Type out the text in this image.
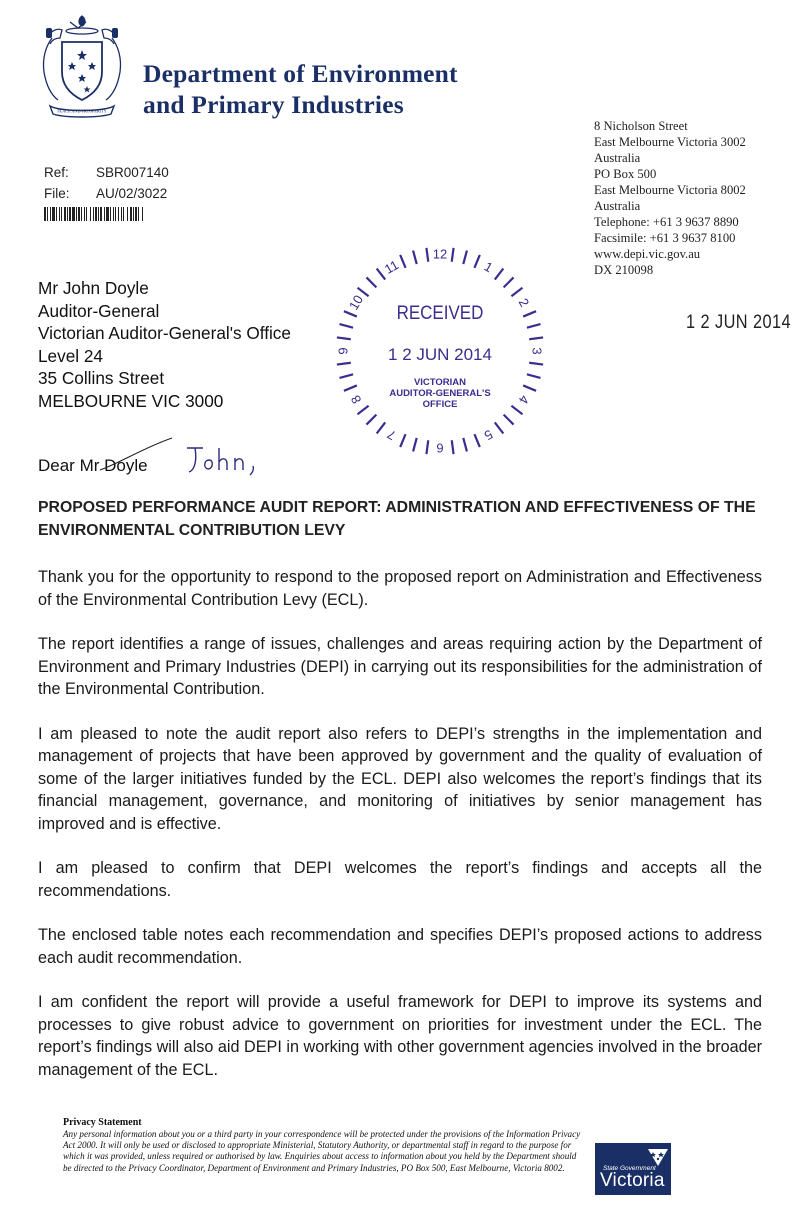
PEACE AND PROSPERITY
Department of Environment
and Primary Industries
8 Nicholson Street
East Melbourne Victoria 3002
Australia
PO Box 500
East Melbourne Victoria 8002
Australia
Telephone: +61 3 9637 8890
Facsimile: +61 3 9637 8100
www.depi.vic.gov.au
DX 210098
Ref: SBR007140
File: AU/02/3022
Mr John Doyle
Auditor-General
Victorian Auditor-General's Office
Level 24
35 Collins Street
MELBOURNE VIC 3000
1
2
3
4
5
6
7
8
9
10
11
12
RECEIVED
1 2 JUN 2014
VICTORIAN
AUDITOR-GENERAL'S
OFFICE
1 2 JUN 2014
Dear Mr Doyle
PROPOSED PERFORMANCE AUDIT REPORT: ADMINISTRATION AND EFFECTIVENESS OF THE ENVIRONMENTAL CONTRIBUTION LEVY

Thank you for the opportunity to respond to the proposed report on Administration and Effectiveness of the Environmental Contribution Levy (ECL).

The report identifies a range of issues, challenges and areas requiring action by the Department of Environment and Primary Industries (DEPI) in carrying out its responsibilities for the administration of the Environmental Contribution.

I am pleased to note the audit report also refers to DEPI’s strengths in the implementation and management of projects that have been approved by government and the quality of evaluation of some of the larger initiatives funded by the ECL. DEPI also welcomes the report’s findings that its financial management, governance, and monitoring of initiatives by senior management has improved and is effective.

I am pleased to confirm that DEPI welcomes the report’s findings and accepts all the recommendations.

The enclosed table notes each recommendation and specifies DEPI’s proposed actions to address each audit recommendation.

I am confident the report will provide a useful framework for DEPI to improve its systems and processes to give robust advice to government on priorities for investment under the ECL. The report’s findings will also aid DEPI in working with other government agencies involved in the broader management of the ECL.

Privacy Statement
Any personal information about you or a third party in your correspondence will be protected under the provisions of the Information Privacy Act 2000. It will only be used or disclosed to appropriate Ministerial, Statutory Authority, or departmental staff in regard to the purpose for which it was provided, unless required or authorised by law. Enquiries about access to information about you held by the Department should be directed to the Privacy Coordinator, Department of Environment and Primary Industries, PO Box 500, East Melbourne, Victoria 8002.	State Government
Victoria
